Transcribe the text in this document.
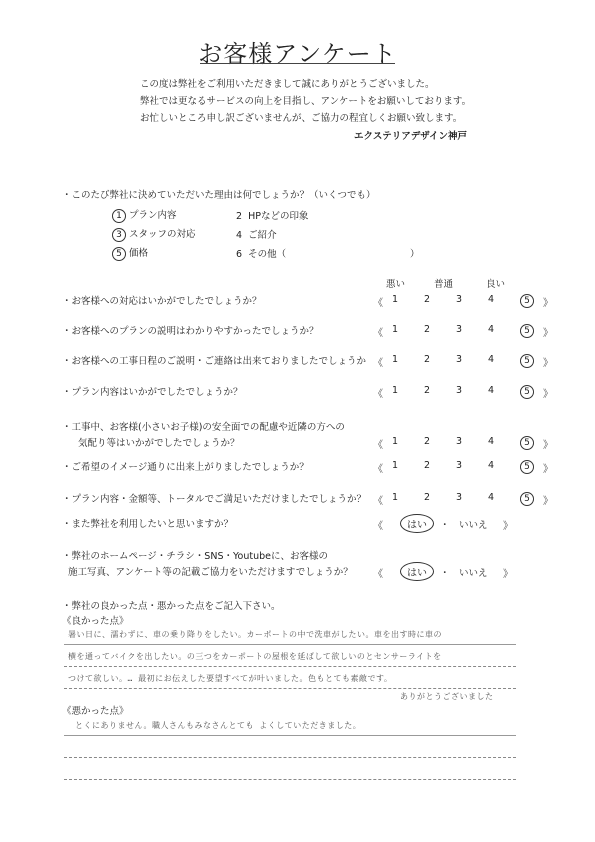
お客様アンケート
この度は弊社をご利用いただきまして誠にありがとうございました。
弊社では更なるサービスの向上を目指し、アンケートをお願いしております。
お忙しいところ申し訳ございませんが、ご協力の程宜しくお願い致します。
エクステリアデザイン神戸
・このたび弊社に決めていただいた理由は何でしょうか？（いくつでも）
1 プラン内容	2 HPなどの印象
3 スタッフの対応	4 ご紹介
5 価格	6 その他（	）
悪い	普通	良い
・お客様への対応はいかがでしたでしょうか？	《 1	2	3	4	5	》
・お客様へのプランの説明はわかりやすかったでしょうか？	《 1	2	3	4	5	》
・お客様への工事日程のご説明・ご連絡は出来ておりましたでしょうか 《 1	2	3	4	5	》
・プラン内容はいかがでしたでしょうか？	《 1	2	3	4	5	》
・工事中、お客様(小さいお子様)の安全面での配慮や近隣の方への
気配り等はいかがでしたでしょうか？	《 1	2	3	4	5	》
・ご希望のイメージ通りに出来上がりましたでしょうか？	《 1	2	3	4	5	》
・プラン内容・金額等、トータルでご満足いただけましたでしょうか？ 《 1	2	3	4	5	》
・また弊社を利用したいと思いますか？	《	はい	・ いいえ 》
・弊社のホームページ・チラシ・SNS・Youtubeに、お客様の
施工写真、アンケート等の記載ご協力をいただけますでしょうか？ 《	はい	・ いいえ 》
・弊社の良かった点・悪かった点をご記入下さい。
《良かった点》
暑い日に、濡わずに、車の乗り降りをしたい。カーポートの中で洗車がしたい。車を出す時に車の
横を通ってバイクを出したい。の三つをカーポートの屋根を延ばして欲しいのとセンサーライトを
つけて欲しい。… 最初にお伝えした要望すべてが叶いました。色もとても素敵です。
ありがとうございました
《悪かった点》
とくにありません。職人さんもみなさんとても よくしていただきました。
